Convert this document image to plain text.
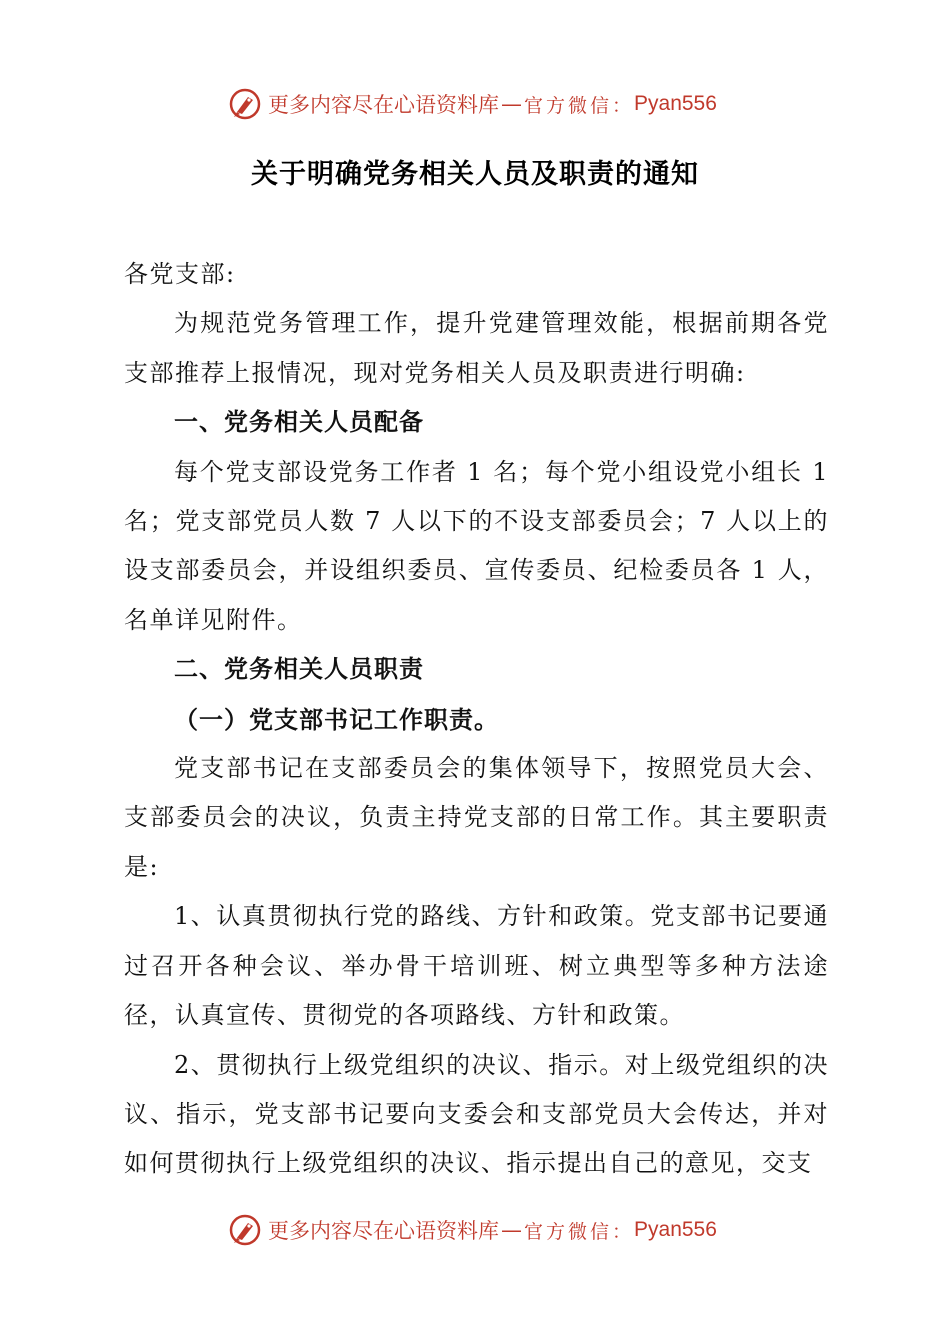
更多内容尽在心语资料库 — 官方微信： Pyan556
关于明确党务相关人员及职责的通知

各党支部:

为规范党务管理工作，提升党建管理效能，根据前期各党支部推荐上报情况，现对党务相关人员及职责进行明确:

一、党务相关人员配备

每个党支部设党务工作者 1 名；每个党小组设党小组长 1 名；党支部党员人数 7 人以下的不设支部委员会；7 人以上的设支部委员会，并设组织委员、宣传委员、纪检委员各 1 人，名单详见附件。

二、党务相关人员职责

（一）党支部书记工作职责。

党支部书记在支部委员会的集体领导下，按照党员大会、支部委员会的决议，负责主持党支部的日常工作。其主要职责是:

1、认真贯彻执行党的路线、方针和政策。党支部书记要通过召开各种会议、举办骨干培训班、树立典型等多种方法途径，认真宣传、贯彻党的各项路线、方针和政策。

2、贯彻执行上级党组织的决议、指示。对上级党组织的决议、指示，党支部书记要向支委会和支部党员大会传达，并对如何贯彻执行上级党组织的决议、指示提出自己的意见，交支

更多内容尽在心语资料库 — 官方微信： Pyan556
